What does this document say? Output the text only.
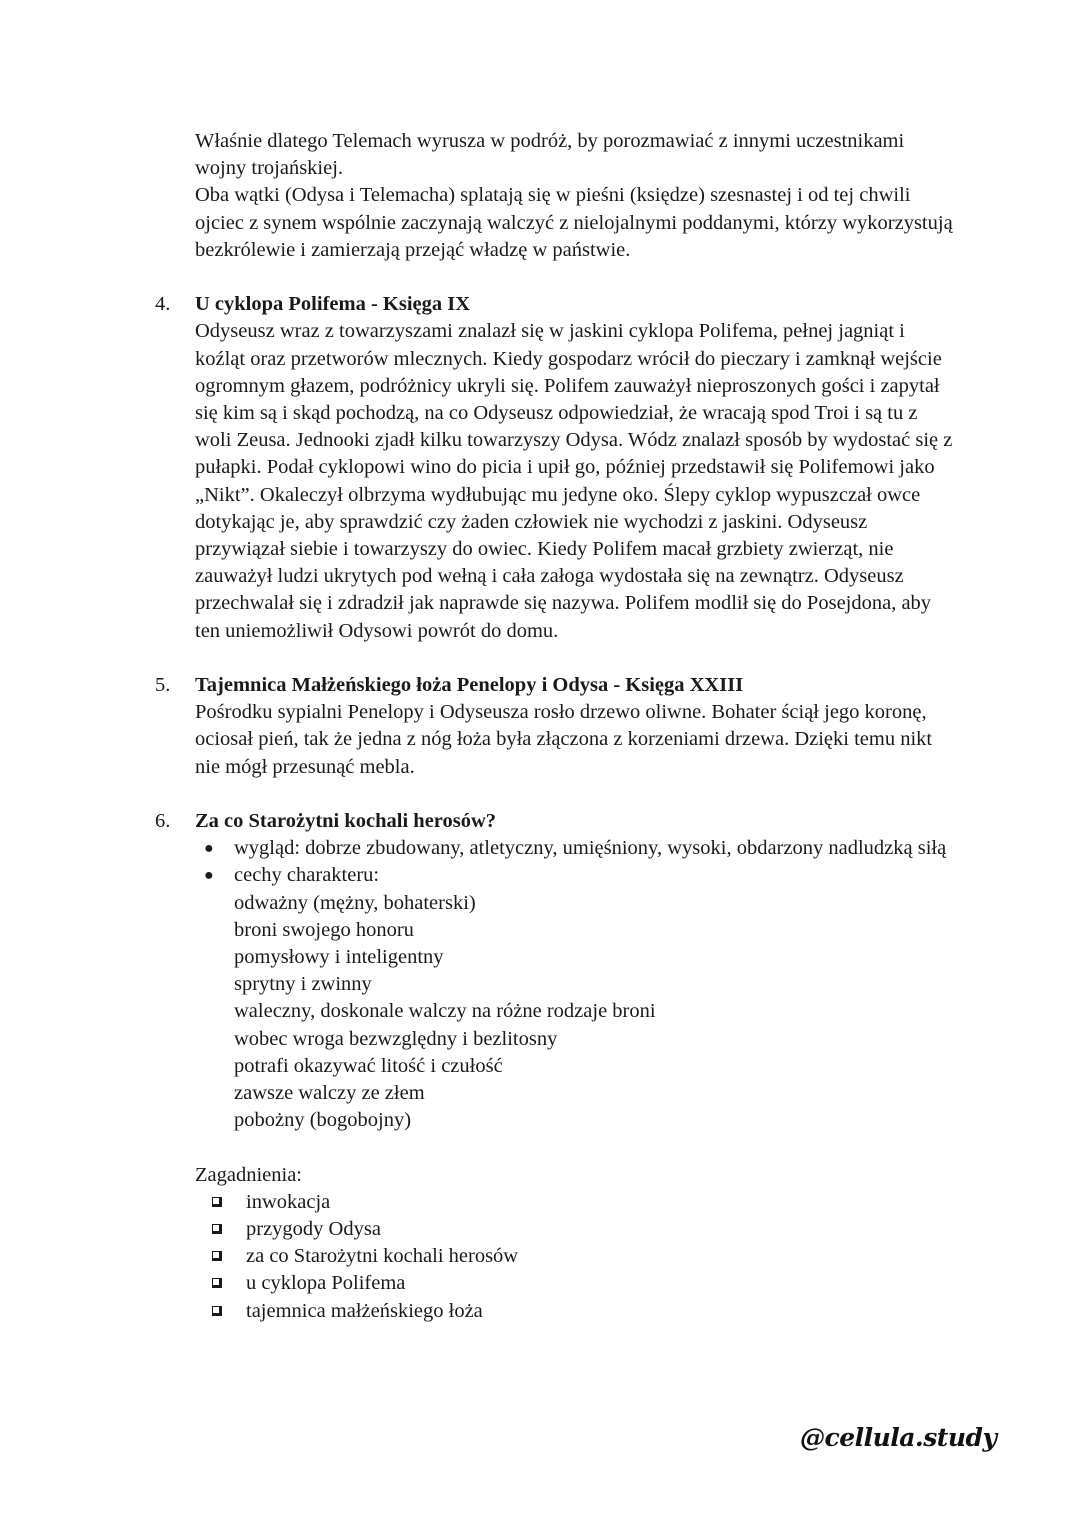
Właśnie dlatego Telemach wyrusza w podróż, by porozmawiać z innymi uczestnikami wojny trojańskiej.

Oba wątki (Odysa i Telemacha) splatają się w pieśni (księdze) szesnastej i od tej chwili ojciec z synem wspólnie zaczynają walczyć z nielojalnymi poddanymi, którzy wykorzystują bezkrólewie i zamierzają przejąć władzę w państwie.

4. U cyklopa Polifema - Księga IX

Odyseusz wraz z towarzyszami znalazł się w jaskini cyklopa Polifema, pełnej jagniąt i koźląt oraz przetworów mlecznych. Kiedy gospodarz wrócił do pieczary i zamknął wejście ogromnym głazem, podróżnicy ukryli się. Polifem zauważył nieproszonych gości i zapytał się kim są i skąd pochodzą, na co Odyseusz odpowiedział, że wracają spod Troi i są tu z woli Zeusa. Jednooki zjadł kilku towarzyszy Odysa. Wódz znalazł sposób by wydostać się z pułapki. Podał cyklopowi wino do picia i upił go, później przedstawił się Polifemowi jako „Nikt”. Okaleczył olbrzyma wydłubując mu jedyne oko. Ślepy cyklop wypuszczał owce dotykając je, aby sprawdzić czy żaden człowiek nie wychodzi z jaskini. Odyseusz przywiązał siebie i towarzyszy do owiec. Kiedy Polifem macał grzbiety zwierząt, nie zauważył ludzi ukrytych pod wełną i cała załoga wydostała się na zewnątrz. Odyseusz przechwalał się i zdradził jak naprawde się nazywa. Polifem modlił się do Posejdona, aby ten uniemożliwił Odysowi powrót do domu.

5. Tajemnica Małżeńskiego łoża Penelopy i Odysa - Księga XXIII

Pośrodku sypialni Penelopy i Odyseusza rosło drzewo oliwne. Bohater ściął jego koronę, ociosał pień, tak że jedna z nóg łoża była złączona z korzeniami drzewa. Dzięki temu nikt nie mógł przesunąć mebla.

6. Za co Starożytni kochali herosów?
● wygląd: dobrze zbudowany, atletyczny, umięśniony, wysoki, obdarzony nadludzką siłą
● cechy charakteru:
odważny (mężny, bohaterski)
broni swojego honoru
pomysłowy i inteligentny
sprytny i zwinny
waleczny, doskonale walczy na różne rodzaje broni
wobec wroga bezwzględny i bezlitosny
potrafi okazywać litość i czułość
zawsze walczy ze złem
pobożny (bogobojny)
Zagadnienia:
inwokacja
przygody Odysa
za co Starożytni kochali herosów
u cyklopa Polifema
tajemnica małżeńskiego łoża
@cellula.study
